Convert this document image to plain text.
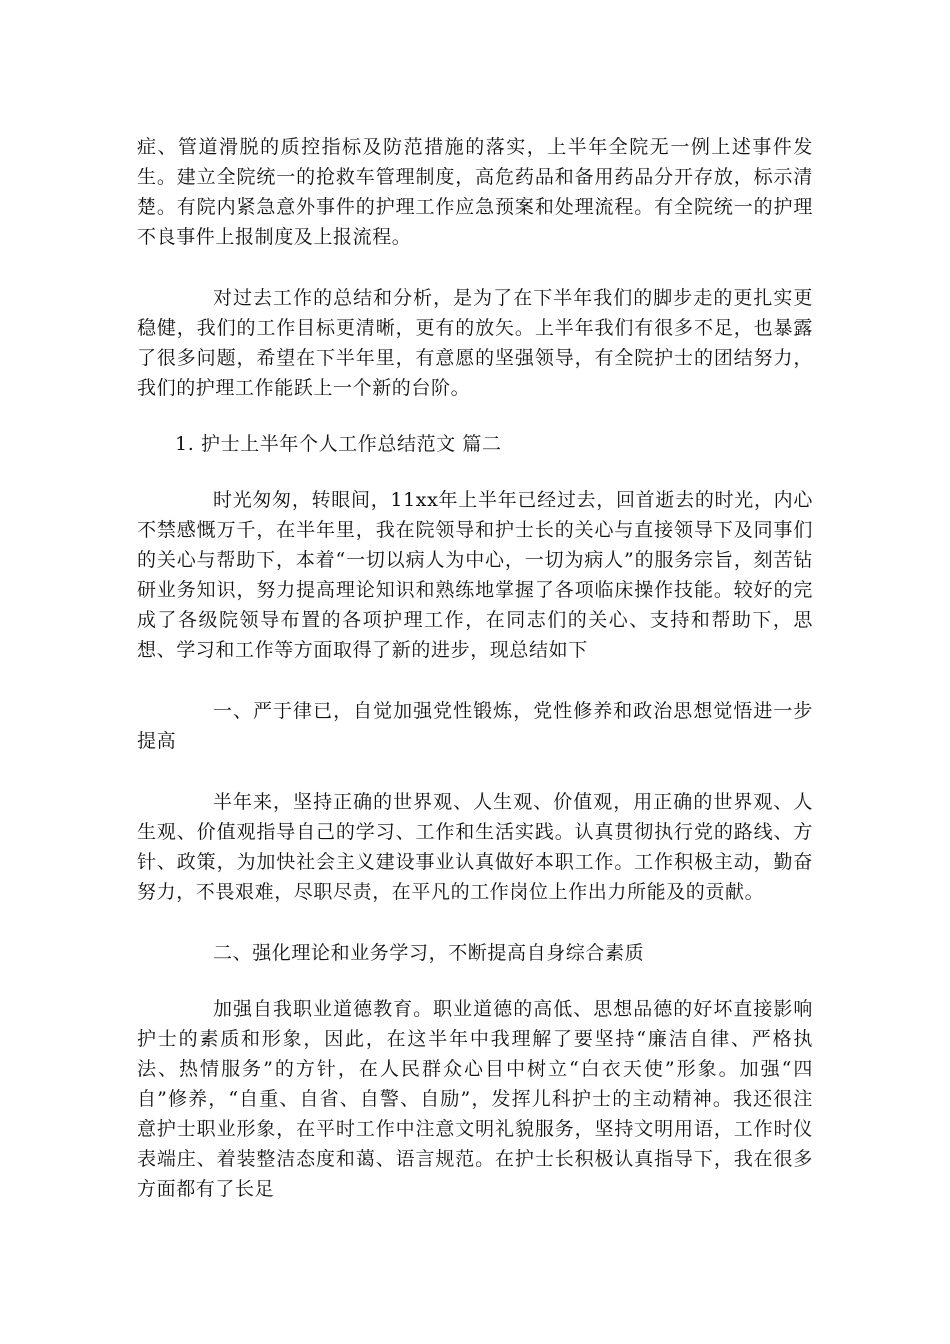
症、管道滑脱的质控指标及防范措施的落实，上半年全院无一例上述事件发生。建立全院统一的抢救车管理制度，高危药品和备用药品分开存放，标示清楚。有院内紧急意外事件的护理工作应急预案和处理流程。有全院统一的护理不良事件上报制度及上报流程。

对过去工作的总结和分析，是为了在下半年我们的脚步走的更扎实更稳健，我们的工作目标更清晰，更有的放矢。上半年我们有很多不足，也暴露了很多问题，希望在下半年里，有意愿的坚强领导，有全院护士的团结努力，我们的护理工作能跃上一个新的台阶。

1. 护士上半年个人工作总结范文 篇二

时光匆匆，转眼间，11xx年上半年已经过去，回首逝去的时光，内心不禁感慨万千，在半年里，我在院领导和护士长的关心与直接领导下及同事们的关心与帮助下，本着“一切以病人为中心，一切为病人”的服务宗旨，刻苦钻研业务知识，努力提高理论知识和熟练地掌握了各项临床操作技能。较好的完成了各级院领导布置的各项护理工作，在同志们的关心、支持和帮助下，思想、学习和工作等方面取得了新的进步，现总结如下

一、严于律已，自觉加强党性锻炼，党性修养和政治思想觉悟进一步提高

半年来，坚持正确的世界观、人生观、价值观，用正确的世界观、人生观、价值观指导自己的学习、工作和生活实践。认真贯彻执行党的路线、方针、政策，为加快社会主义建设事业认真做好本职工作。工作积极主动，勤奋努力，不畏艰难，尽职尽责，在平凡的工作岗位上作出力所能及的贡献。

二、强化理论和业务学习，不断提高自身综合素质

加强自我职业道德教育。职业道德的高低、思想品德的好坏直接影响护士的素质和形象，因此，在这半年中我理解了要坚持“廉洁自律、严格执法、热情服务”的方针，在人民群众心目中树立“白衣天使”形象。加强“四自”修养，“自重、自省、自警、自励”，发挥儿科护士的主动精神。我还很注意护士职业形象，在平时工作中注意文明礼貌服务，坚持文明用语，工作时仪表端庄、着装整洁态度和蔼、语言规范。在护士长积极认真指导下，我在很多方面都有了长足
